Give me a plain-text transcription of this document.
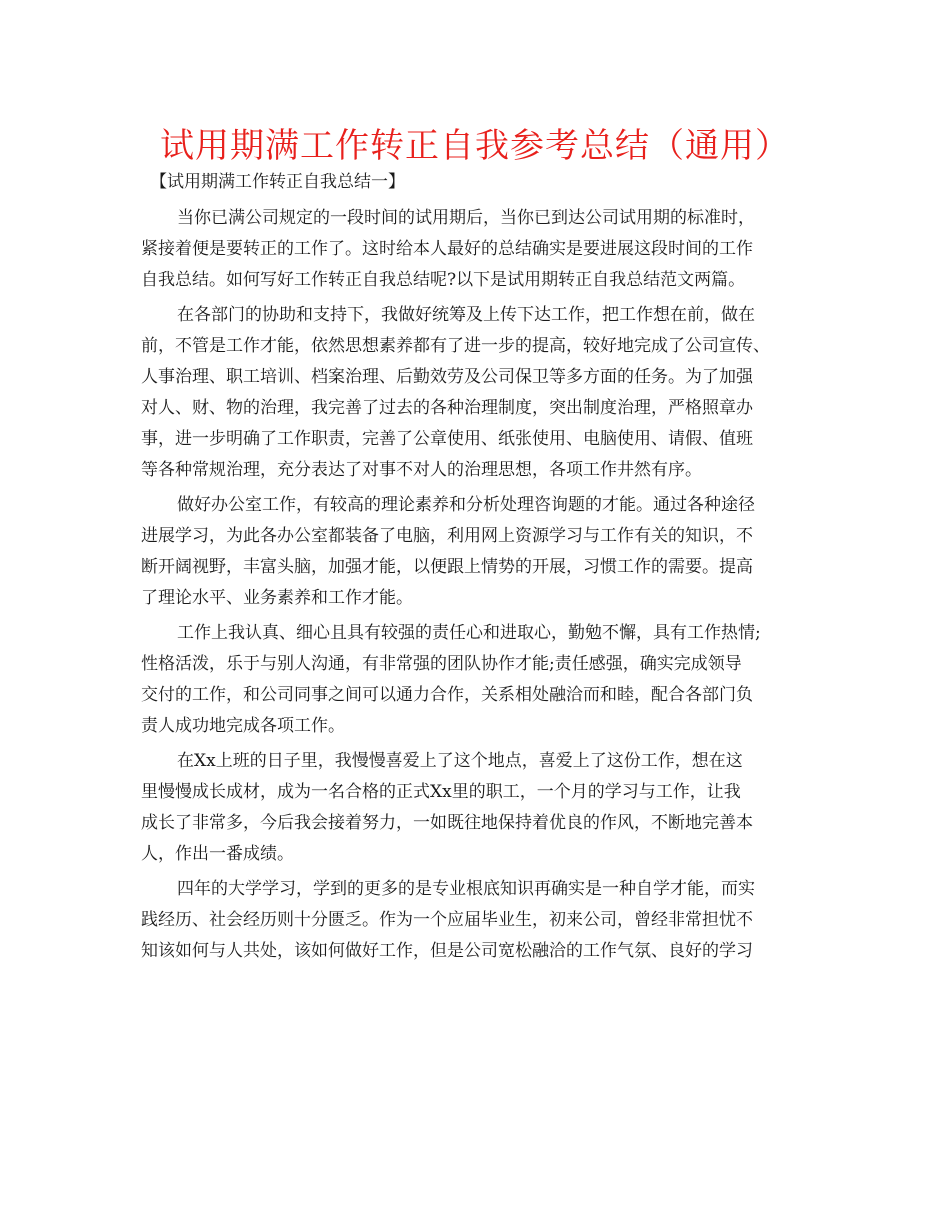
试用期满工作转正自我参考总结（通用）
【试用期满工作转正自我总结一】

当你已满公司规定的一段时间的试用期后，当你已到达公司试用期的标准时，
紧接着便是要转正的工作了。这时给本人最好的总结确实是要进展这段时间的工作
自我总结。如何写好工作转正自我总结呢?以下是试用期转正自我总结范文两篇。

在各部门的协助和支持下，我做好统筹及上传下达工作，把工作想在前，做在
前，不管是工作才能，依然思想素养都有了进一步的提高，较好地完成了公司宣传、
人事治理、职工培训、档案治理、后勤效劳及公司保卫等多方面的任务。为了加强
对人、财、物的治理，我完善了过去的各种治理制度，突出制度治理，严格照章办
事，进一步明确了工作职责，完善了公章使用、纸张使用、电脑使用、请假、值班
等各种常规治理，充分表达了对事不对人的治理思想，各项工作井然有序。

做好办公室工作，有较高的理论素养和分析处理咨询题的才能。通过各种途径
进展学习，为此各办公室都装备了电脑，利用网上资源学习与工作有关的知识，不
断开阔视野，丰富头脑，加强才能，以便跟上情势的开展，习惯工作的需要。提高
了理论水平、业务素养和工作才能。

工作上我认真、细心且具有较强的责任心和进取心，勤勉不懈，具有工作热情;
性格活泼，乐于与别人沟通，有非常强的团队协作才能;责任感强，确实完成领导
交付的工作，和公司同事之间可以通力合作，关系相处融洽而和睦，配合各部门负
责人成功地完成各项工作。

在Xx上班的日子里，我慢慢喜爱上了这个地点，喜爱上了这份工作，想在这
里慢慢成长成材，成为一名合格的正式Xx里的职工，一个月的学习与工作，让我
成长了非常多，今后我会接着努力，一如既往地保持着优良的作风，不断地完善本
人，作出一番成绩。

四年的大学学习，学到的更多的是专业根底知识再确实是一种自学才能，而实
践经历、社会经历则十分匮乏。作为一个应届毕业生，初来公司，曾经非常担忧不
知该如何与人共处，该如何做好工作，但是公司宽松融洽的工作气氛、良好的学习
